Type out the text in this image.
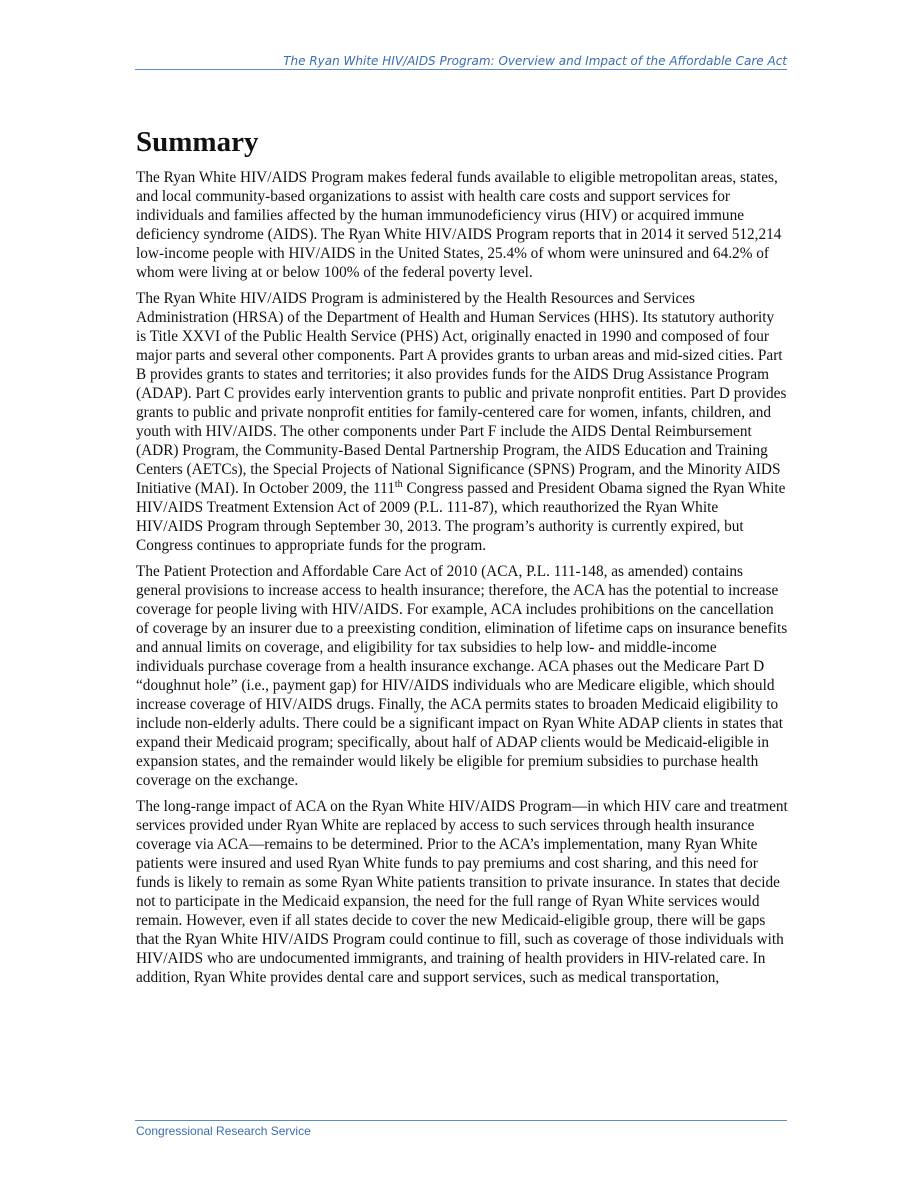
The Ryan White HIV/AIDS Program: Overview and Impact of the Affordable Care Act
Summary

The Ryan White HIV/AIDS Program makes federal funds available to eligible metropolitan areas, states, and local community-based organizations to assist with health care costs and support services for individuals and families affected by the human immunodeficiency virus (HIV) or acquired immune deficiency syndrome (AIDS). The Ryan White HIV/AIDS Program reports that in 2014 it served 512,214 low-income people with HIV/AIDS in the United States, 25.4% of whom were uninsured and 64.2% of whom were living at or below 100% of the federal poverty level.

The Ryan White HIV/AIDS Program is administered by the Health Resources and Services Administration (HRSA) of the Department of Health and Human Services (HHS). Its statutory authority is Title XXVI of the Public Health Service (PHS) Act, originally enacted in 1990 and composed of four major parts and several other components. Part A provides grants to urban areas and mid-sized cities. Part B provides grants to states and territories; it also provides funds for the AIDS Drug Assistance Program (ADAP). Part C provides early intervention grants to public and private nonprofit entities. Part D provides grants to public and private nonprofit entities for family-centered care for women, infants, children, and youth with HIV/AIDS. The other components under Part F include the AIDS Dental Reimbursement (ADR) Program, the Community-Based Dental Partnership Program, the AIDS Education and Training Centers (AETCs), the Special Projects of National Significance (SPNS) Program, and the Minority AIDS Initiative (MAI). In October 2009, the 111th Congress passed and President Obama signed the Ryan White HIV/AIDS Treatment Extension Act of 2009 (P.L. 111-87), which reauthorized the Ryan White HIV/AIDS Program through September 30, 2013. The program’s authority is currently expired, but Congress continues to appropriate funds for the program.

The Patient Protection and Affordable Care Act of 2010 (ACA, P.L. 111-148, as amended) contains general provisions to increase access to health insurance; therefore, the ACA has the potential to increase coverage for people living with HIV/AIDS. For example, ACA includes prohibitions on the cancellation of coverage by an insurer due to a preexisting condition, elimination of lifetime caps on insurance benefits and annual limits on coverage, and eligibility for tax subsidies to help low- and middle-income individuals purchase coverage from a health insurance exchange. ACA phases out the Medicare Part D “doughnut hole” (i.e., payment gap) for HIV/AIDS individuals who are Medicare eligible, which should increase coverage of HIV/AIDS drugs. Finally, the ACA permits states to broaden Medicaid eligibility to include non-elderly adults. There could be a significant impact on Ryan White ADAP clients in states that expand their Medicaid program; specifically, about half of ADAP clients would be Medicaid-eligible in expansion states, and the remainder would likely be eligible for premium subsidies to purchase health coverage on the exchange.

The long-range impact of ACA on the Ryan White HIV/AIDS Program—in which HIV care and treatment services provided under Ryan White are replaced by access to such services through health insurance coverage via ACA—remains to be determined. Prior to the ACA’s implementation, many Ryan White patients were insured and used Ryan White funds to pay premiums and cost sharing, and this need for funds is likely to remain as some Ryan White patients transition to private insurance. In states that decide not to participate in the Medicaid expansion, the need for the full range of Ryan White services would remain. However, even if all states decide to cover the new Medicaid-eligible group, there will be gaps that the Ryan White HIV/AIDS Program could continue to fill, such as coverage of those individuals with HIV/AIDS who are undocumented immigrants, and training of health providers in HIV-related care. In addition, Ryan White provides dental care and support services, such as medical transportation,

Congressional Research Service
